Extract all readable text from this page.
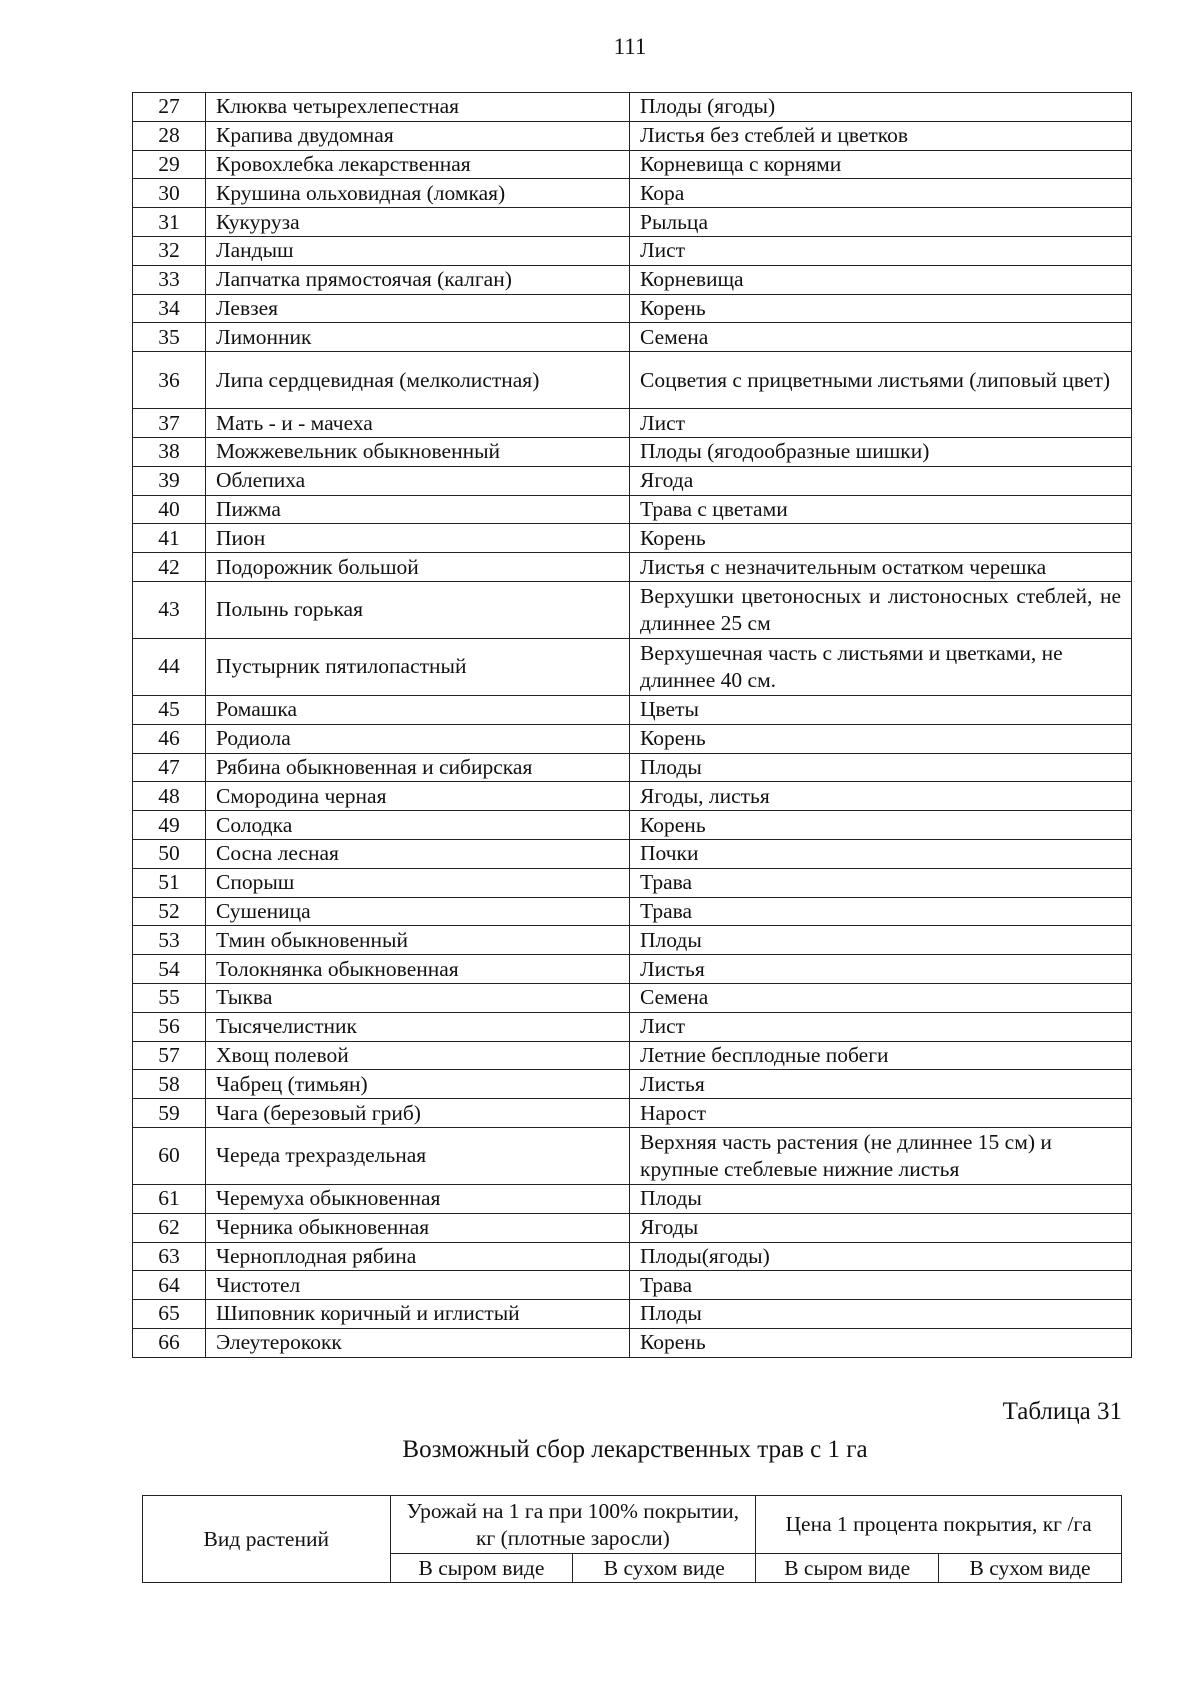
111
27	Клюква четырехлепестная	Плоды (ягоды)
28	Крапива двудомная	Листья без стеблей и цветков
29	Кровохлебка лекарственная	Корневища с корнями
30	Крушина ольховидная (ломкая)	Кора
31	Кукуруза	Рыльца
32	Ландыш	Лист
33	Лапчатка прямостоячая (калган)	Корневища
34	Левзея	Корень
35	Лимонник	Семена
36	Липа сердцевидная (мелколистная)	Соцветия с прицветными листьями (липовый цвет)
37	Мать - и - мачеха	Лист
38	Можжевельник обыкновенный	Плоды (ягодообразные шишки)
39	Облепиха	Ягода
40	Пижма	Трава с цветами
41	Пион	Корень
42	Подорожник большой	Листья с незначительным остатком черешка
43	Полынь горькая	Верхушки цветоносных и листоносных стеблей, не длиннее 25 см
44	Пустырник пятилопастный	Верхушечная часть с листьями и цветками, не длиннее 40 см.
45	Ромашка	Цветы
46	Родиола	Корень
47	Рябина обыкновенная и сибирская	Плоды
48	Смородина черная	Ягоды, листья
49	Солодка	Корень
50	Сосна лесная	Почки
51	Спорыш	Трава
52	Сушеница	Трава
53	Тмин обыкновенный	Плоды
54	Толокнянка обыкновенная	Листья
55	Тыква	Семена
56	Тысячелистник	Лист
57	Хвощ полевой	Летние бесплодные побеги
58	Чабрец (тимьян)	Листья
59	Чага (березовый гриб)	Нарост
60	Череда трехраздельная	Верхняя часть растения (не длиннее 15 см) и крупные стеблевые нижние листья
61	Черемуха обыкновенная	Плоды
62	Черника обыкновенная	Ягоды
63	Черноплодная рябина	Плоды(ягоды)
64	Чистотел	Трава
65	Шиповник коричный и иглистый	Плоды
66	Элеутерококк	Корень
Таблица 31
Возможный сбор лекарственных трав с 1 га
Вид растений	Урожай на 1 га при 100% покрытии, кг (плотные заросли)		Цена 1 процента покрытия, кг /га	
	В сыром виде	В сухом виде	В сыром виде	В сухом виде
